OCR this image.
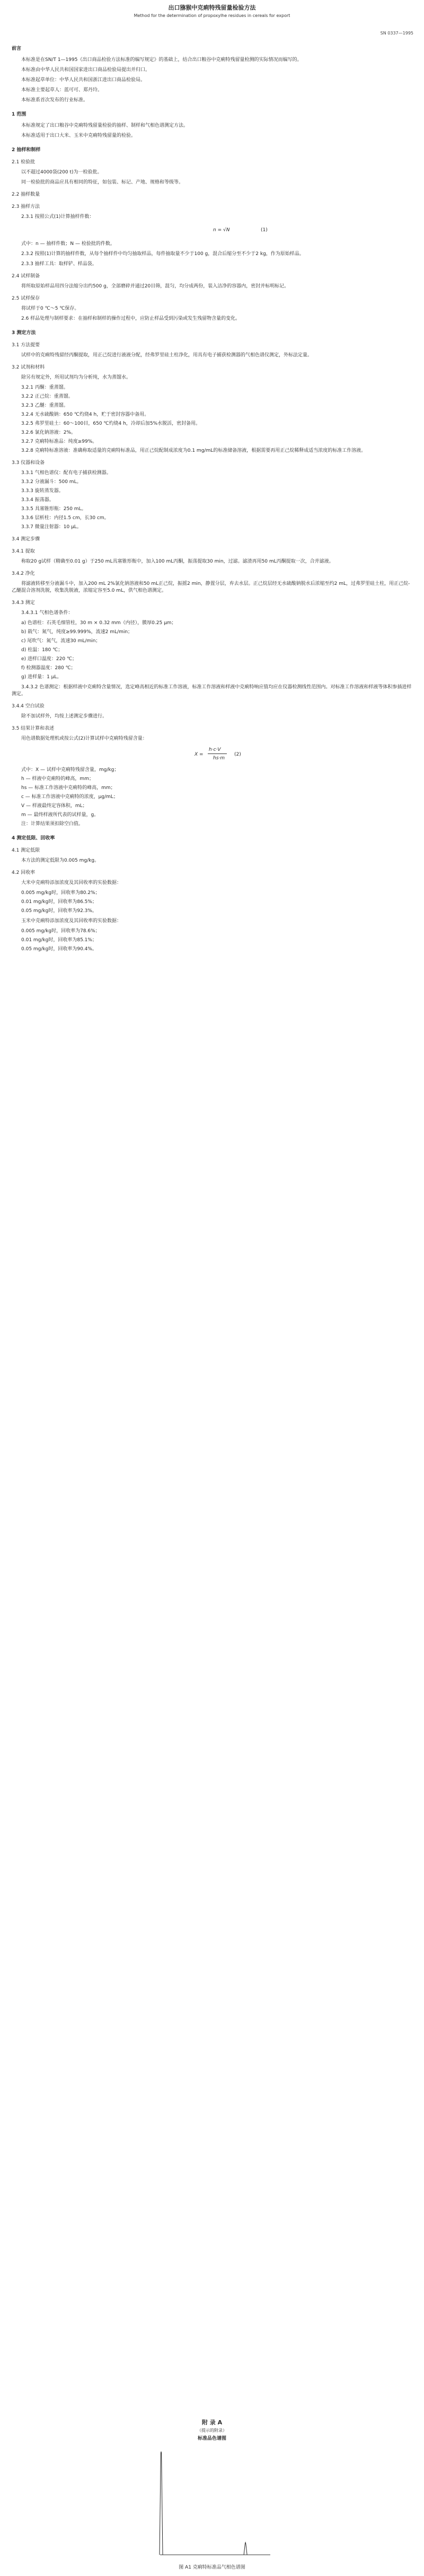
出口猕猴中克痢特残留量检验方法
Method for the determination of propoxylhe residues in cereals for export
SN 0337—1995
前言
本标准是在SN/T 1—1995《出口商品检验方法标准的编写规定》的基础上，结合出口粮谷中克痢特残留量检测的实际情况而编写的。
本标准由中华人民共和国国家进出口商品检验局提出并归口。
本标准起草单位：中华人民共和国浙江进出口商品检验局。
本标准主要起草人：蓝可可、郑丹玲。
本标准系首次发布的行业标准。
1 范围
本标准规定了出口粮谷中克痢特残留量检验的抽样、制样和气相色谱测定方法。
本标准适用于出口大米、玉米中克痢特残留量的检验。
2 抽样和制样
2.1 检验批
以不超过4000袋(200 t)为一检验批。
同一检验批的商品应具有相同的特征，如包装、标记、产地、规格和等级等。
2.2 抽样数量
2.3 抽样方法
2.3.1 按照公式(1)计算抽样件数：
n = √N	(1)
式中：n — 抽样件数；N — 检验批的件数。
2.3.2 按照(1)计算的抽样件数，从每个抽样件中均匀抽取样品，每件抽取量不少于100 g，混合后缩分至不少于2 kg，作为原始样品。
2.3.3 抽样工具：取样铲、样品袋。
2.4 试样制备
将所取原始样品用四分法缩分出约500 g，全部磨碎并通过20目筛，混匀，均分成两份，装入洁净的容器内，密封并标明标记。
2.5 试样保存
将试样于0 ℃～5 ℃保存。
2.6 样品处理与制样要求：在抽样和制样的操作过程中，应防止样品受到污染或发生残留物含量的变化。
3 测定方法
3.1 方法提要
试样中的克痢特残留经丙酮提取，用正己烷进行液液分配，经弗罗里硅土柱净化，用具有电子捕获检测器的气相色谱仪测定，外标法定量。
3.2 试剂和材料
除另有规定外，所用试剂均为分析纯，水为蒸馏水。
3.2.1 丙酮：重蒸馏。
3.2.2 正己烷：重蒸馏。
3.2.3 乙醚：重蒸馏。
3.2.4 无水硫酸钠：650 ℃灼烧4 h，贮于密封容器中备用。
3.2.5 弗罗里硅土：60～100目，650 ℃灼烧4 h，冷却后加5%水脱活，密封备用。
3.2.6 氯化钠溶液：2%。
3.2.7 克痢特标准品：纯度≥99%。
3.2.8 克痢特标准溶液：准确称取适量的克痢特标准品，用正己烷配制成浓度为0.1 mg/mL的标准储备溶液，根据需要再用正己烷稀释成适当浓度的标准工作溶液。
3.3 仪器和设备
3.3.1 气相色谱仪：配有电子捕获检测器。
3.3.2 分液漏斗：500 mL。
3.3.3 旋转蒸发器。
3.3.4 振荡器。
3.3.5 具塞锥形瓶：250 mL。
3.3.6 层析柱：内径1.5 cm，长30 cm。
3.3.7 微量注射器：10 μL。
3.4 测定步骤
3.4.1 提取
称取20 g试样（精确至0.01 g）于250 mL具塞锥形瓶中，加入100 mL丙酮，振荡提取30 min，过滤。滤渣再用50 mL丙酮提取一次，合并滤液。
3.4.2 净化
将滤液转移至分液漏斗中，加入200 mL 2%氯化钠溶液和50 mL正己烷，振摇2 min，静置分层，弃去水层。正己烷层经无水硫酸钠脱水后浓缩至约2 mL，过弗罗里硅土柱，用正己烷-乙醚混合溶剂洗脱，收集洗脱液，浓缩定容至5.0 mL，供气相色谱测定。
3.4.3 测定
3.4.3.1 气相色谱条件：
a) 色谱柱：石英毛细管柱，30 m × 0.32 mm（内径），膜厚0.25 μm；
b) 载气：氮气，纯度≥99.999%，流速2 mL/min；
c) 尾吹气：氮气，流速30 mL/min；
d) 柱温：180 ℃；
e) 进样口温度：220 ℃；
f) 检测器温度：280 ℃；
g) 进样量：1 μL。
3.4.3.2 色谱测定：根据样液中克痢特含量情况，选定峰高相近的标准工作溶液，标准工作溶液和样液中克痢特响应值均应在仪器检测线性范围内。对标准工作溶液和样液等体积参插进样测定。
3.4.4 空白试验
除不加试样外，均按上述测定步骤进行。
3.5 结果计算和表述
用色谱数据处理机或按公式(2)计算试样中克痢特残留含量：
X =
h·c·V
hs·m
(2)
式中：X — 试样中克痢特残留含量，mg/kg；
h — 样液中克痢特的峰高，mm；
hs — 标准工作溶液中克痢特的峰高，mm；
c — 标准工作溶液中克痢特的浓度，μg/mL；
V — 样液最终定容体积，mL；
m — 最终样液所代表的试样量，g。
注：计算结果须扣除空白值。
4 测定低限、回收率
4.1 测定低限
本方法的测定低限为0.005 mg/kg。
4.2 回收率
大米中克痢特添加浓度及其回收率的实验数据：
0.005 mg/kg时，回收率为80.2%；
0.01 mg/kg时，回收率为86.5%；
0.05 mg/kg时，回收率为92.3%。
玉米中克痢特添加浓度及其回收率的实验数据：
0.005 mg/kg时，回收率为78.6%；
0.01 mg/kg时，回收率为85.1%；
0.05 mg/kg时，回收率为90.4%。
附 录 A
（提示的附录）
标准品色谱图
图 A1 克痢特标准品气相色谱图
